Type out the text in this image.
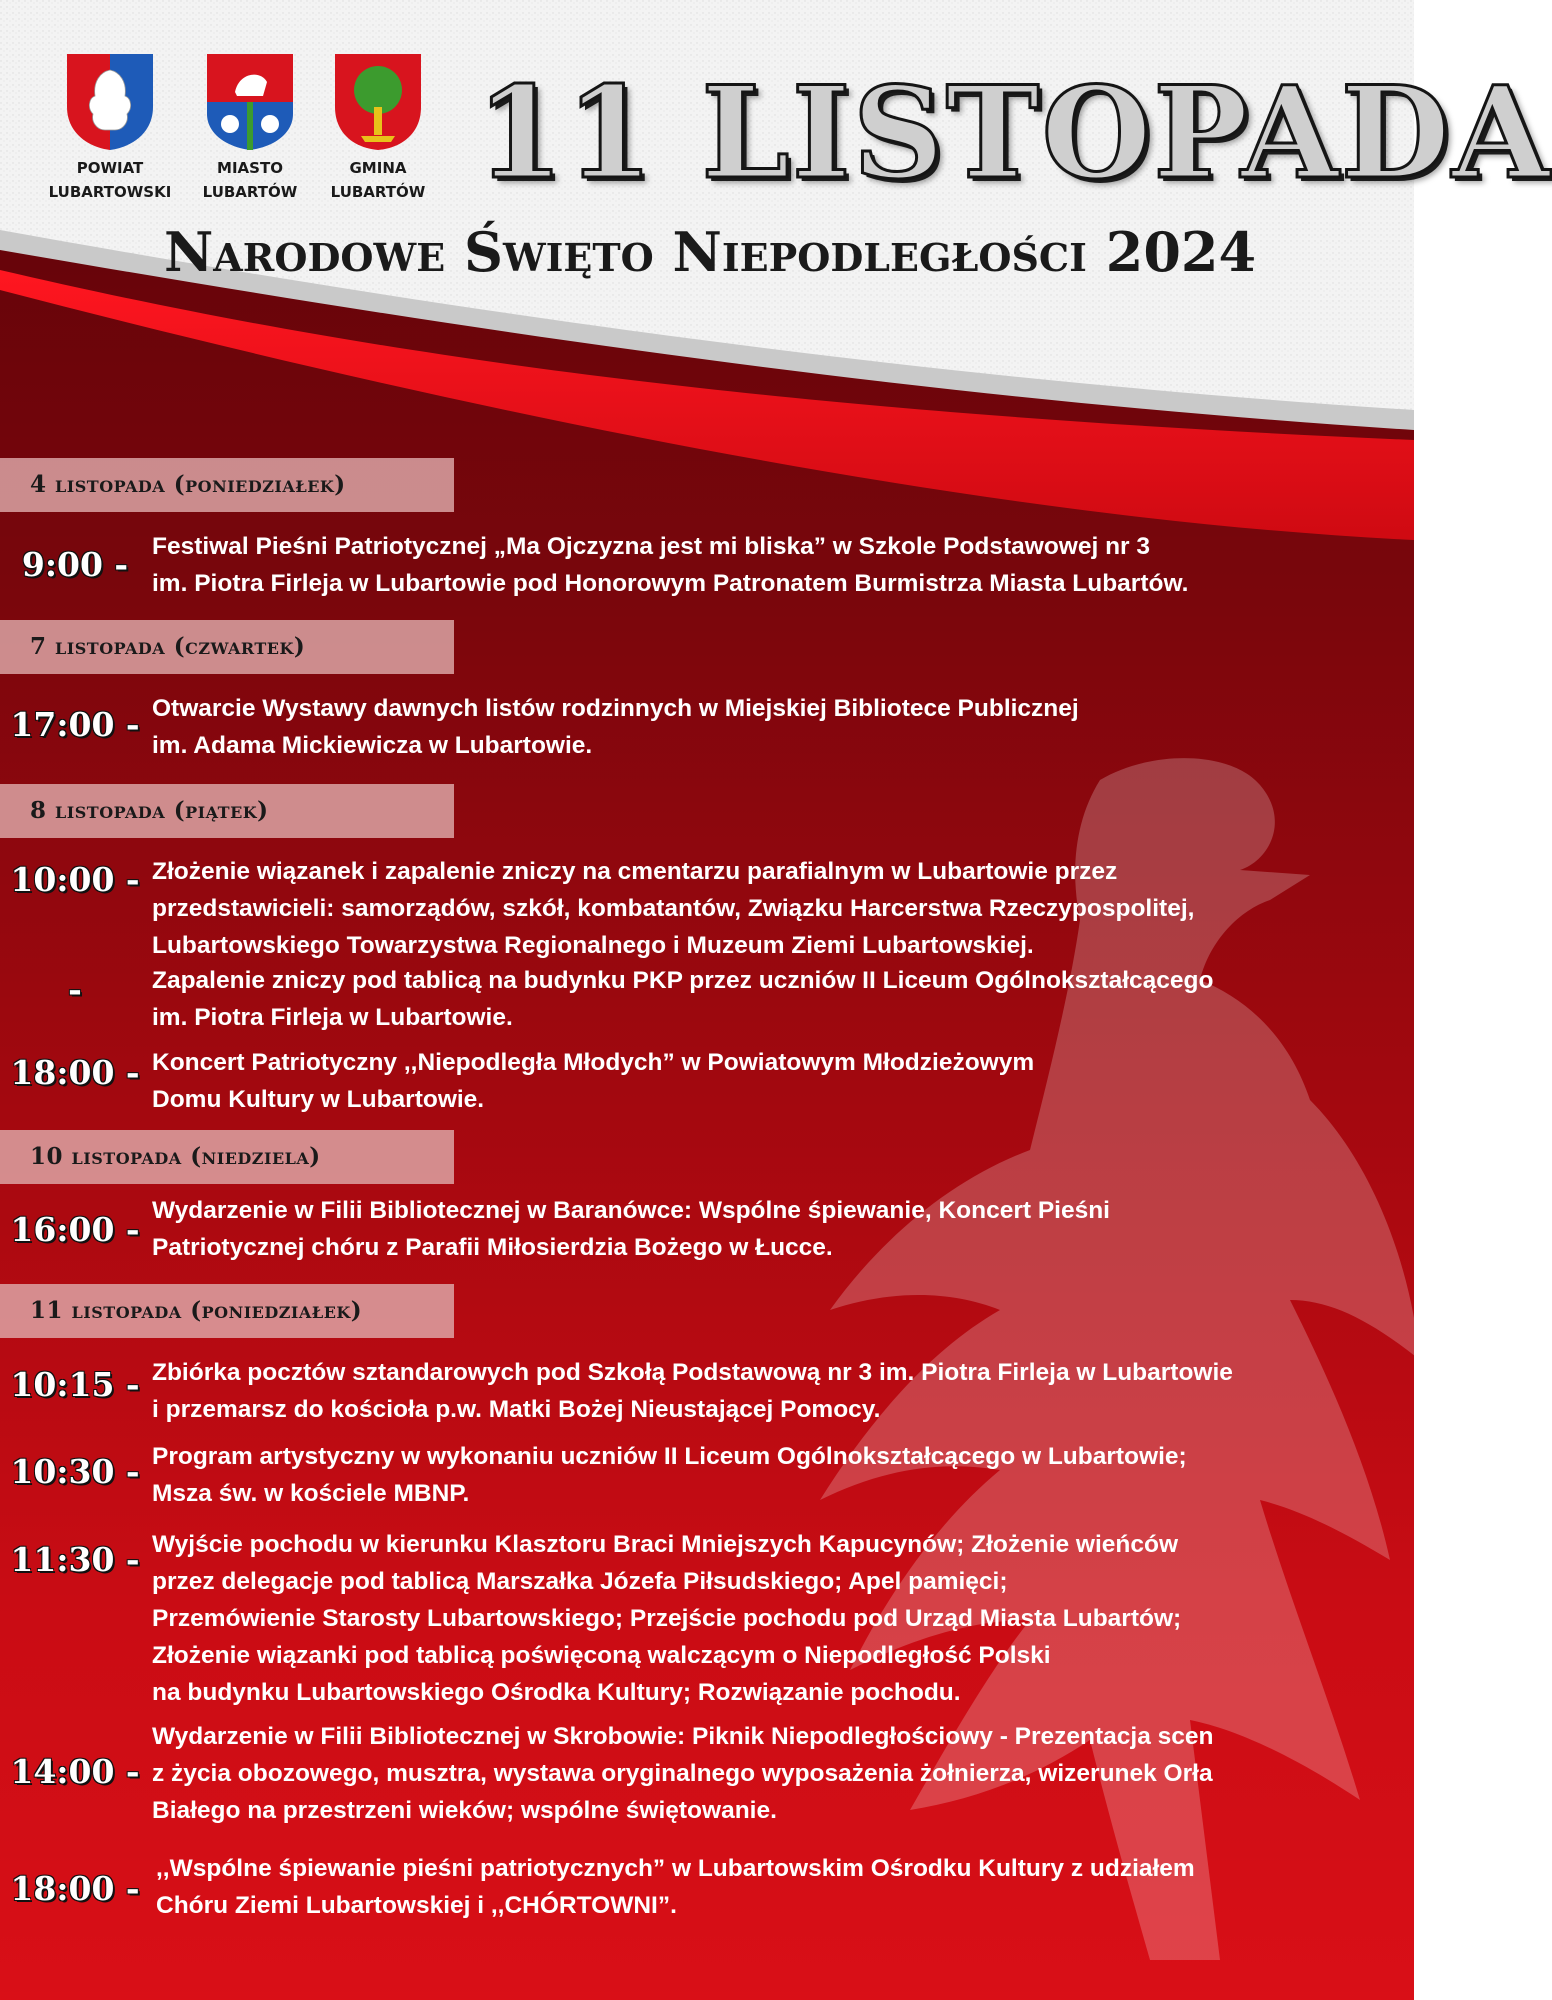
POWIAT
LUBARTOWSKI
MIASTO
LUBARTÓW
GMINA
LUBARTÓW 11 LISTOPADA
Narodowe Święto Niepodległości 2024
4 listopada (poniedziałek)
9:00 - Festiwal Pieśni Patriotycznej „Ma Ojczyzna jest mi bliska” w Szkole Podstawowej nr 3
im. Piotra Firleja w Lubartowie pod Honorowym Patronatem Burmistrza Miasta Lubartów.
7 listopada (czwartek)
17:00 - Otwarcie Wystawy dawnych listów rodzinnych w Miejskiej Bibliotece Publicznej
im. Adama Mickiewicza w Lubartowie.
8 listopada (piątek)
10:00 - Złożenie wiązanek i zapalenie zniczy na cmentarzu parafialnym w Lubartowie przez
przedstawicieli: samorządów, szkół, kombatantów, Związku Harcerstwa Rzeczypospolitej,
Lubartowskiego Towarzystwa Regionalnego i Muzeum Ziemi Lubartowskiej.
-	Zapalenie zniczy pod tablicą na budynku PKP przez uczniów II Liceum Ogólnokształcącego
im. Piotra Firleja w Lubartowie.
18:00 - Koncert Patriotyczny ,,Niepodległa Młodych” w Powiatowym Młodzieżowym
Domu Kultury w Lubartowie.
10 listopada (niedziela)
16:00 - Wydarzenie w Filii Bibliotecznej w Baranówce: Wspólne śpiewanie, Koncert Pieśni
Patriotycznej chóru z Parafii Miłosierdzia Bożego w Łucce.
11 listopada (poniedziałek)
10:15 - Zbiórka pocztów sztandarowych pod Szkołą Podstawową nr 3 im. Piotra Firleja w Lubartowie
i przemarsz do kościoła p.w. Matki Bożej Nieustającej Pomocy.
10:30 - Program artystyczny w wykonaniu uczniów II Liceum Ogólnokształcącego w Lubartowie;
Msza św. w kościele MBNP.
11:30 - Wyjście pochodu w kierunku Klasztoru Braci Mniejszych Kapucynów; Złożenie wieńców
przez delegacje pod tablicą Marszałka Józefa Piłsudskiego; Apel pamięci;
Przemówienie Starosty Lubartowskiego; Przejście pochodu pod Urząd Miasta Lubartów;
Złożenie wiązanki pod tablicą poświęconą walczącym o Niepodległość Polski
na budynku Lubartowskiego Ośrodka Kultury; Rozwiązanie pochodu.
14:00 -
Wydarzenie w Filii Bibliotecznej w Skrobowie: Piknik Niepodległościowy - Prezentacja scen
z życia obozowego, musztra, wystawa oryginalnego wyposażenia żołnierza, wizerunek Orła
Białego na przestrzeni wieków; wspólne świętowanie.
18:00 -
,,Wspólne śpiewanie pieśni patriotycznych” w Lubartowskim Ośrodku Kultury z udziałem
Chóru Ziemi Lubartowskiej i ,,CHÓRTOWNI”.
